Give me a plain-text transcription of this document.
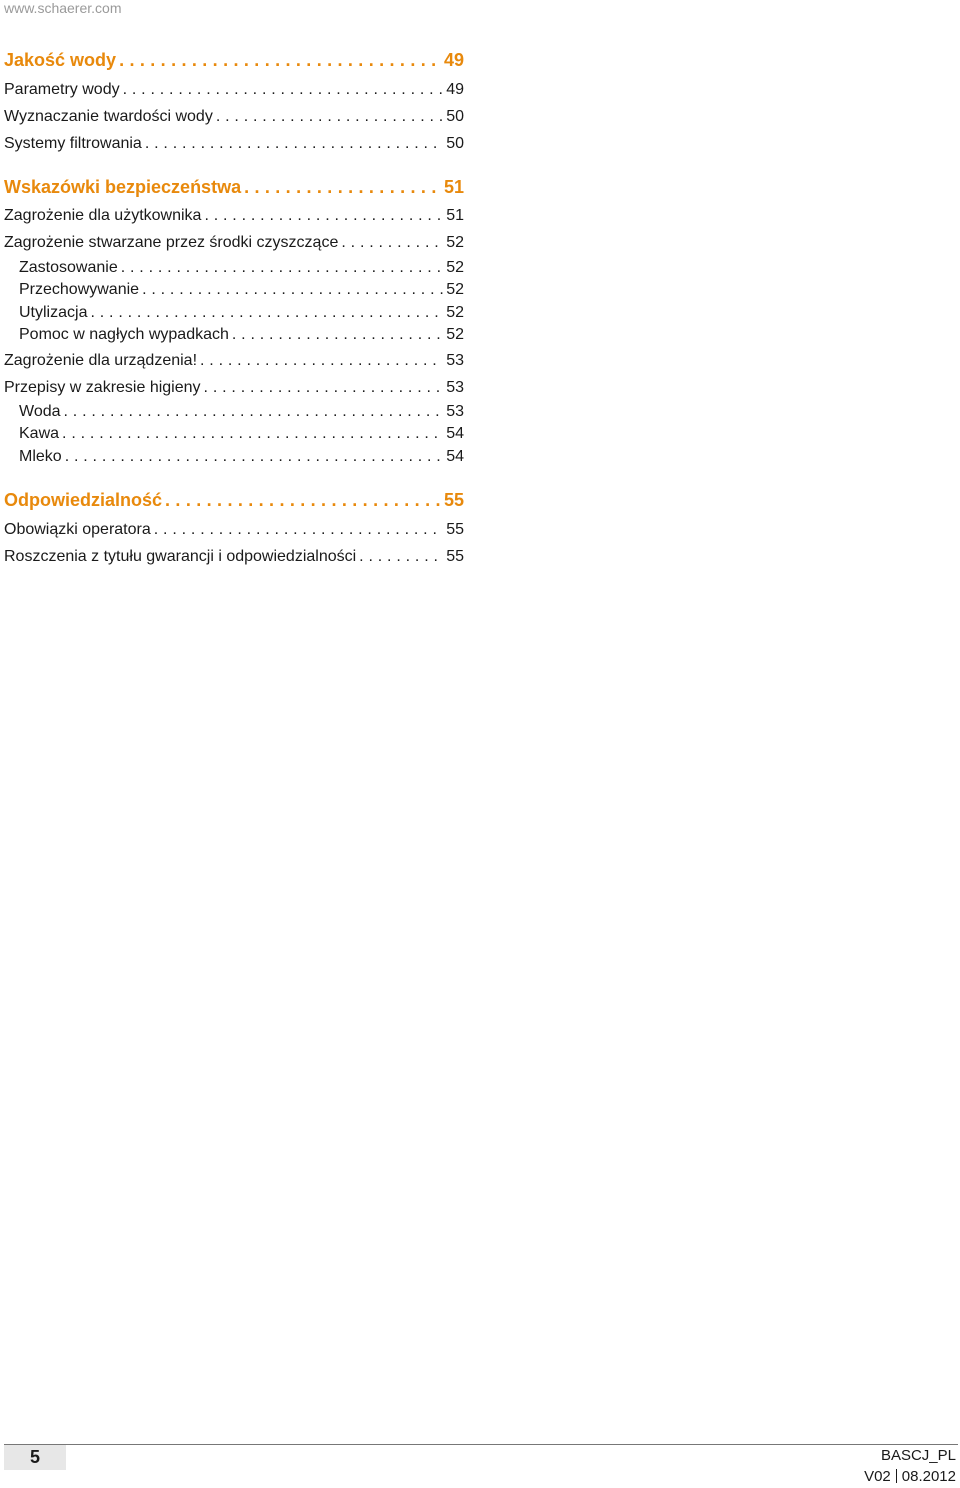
www.schaerer.com
Jakość wody . . .	49
Parametry wody . . .	49
Wyznaczanie twardości wody . . .	50
Systemy filtrowania . . .	50
Wskazówki bezpieczeństwa . . .	51
Zagrożenie dla użytkownika . . .	51
Zagrożenie stwarzane przez środki czyszczące . . .	52
Zastosowanie . . .	52
Przechowywanie . . .	52
Utylizacja . . .	52
Pomoc w nagłych wypadkach . . .	52
Zagrożenie dla urządzenia! . . .	53
Przepisy w zakresie higieny . . .	53
Woda . . .	53
Kawa . . .	54
Mleko . . .	54
Odpowiedzialność . . .	55
Obowiązki operatora . . .	55
Roszczenia z tytułu gwarancji i odpowiedzialności . . .	55
5	BASCJ_PL
V02 08.2012
